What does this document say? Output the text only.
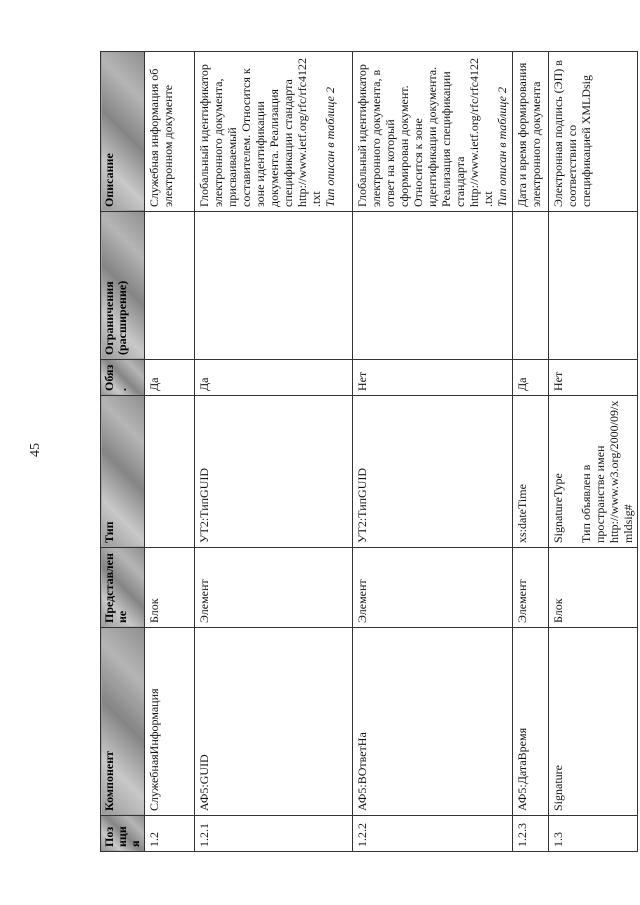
45
Позиция	Компонент	Представление	Тип	Обяз.	Ограничения (расширение)	Описание
1.2	СлужебнаяИнформация	Блок		Да		Служебная информация об электронном документе
1.2.1	АФ5:GUID	Элемент	УТ2:ТипGUID	Да		Глобальный идентификатор электронного документа, присваиваемый составителем. Относится к зоне идентификации документа. Реализация спецификации стандарта http://www.ietf.org/rfc/rfc4122.txt Тип описан в таблице 2

1.2.2	АФ5:ВОтветНа	Элемент	УТ2:ТипGUID	Нет		Глобальный идентификатор электронного документа, в ответ на который сформирован документ. Относится к зоне идентификации документа. Реализация спецификации стандарта http://www.ietf.org/rfc/rfc4122.txt Тип описан в таблице 2

1.2.3	АФ5:ДатаВремя	Элемент	xs:dateTime	Да		Дата и время формирования электронного документа
1.3	Signature	Блок	SignatureType Тип объявлен в пространстве имен http://www.w3.org/2000/09/xmldsig#	Нет		Электронная подпись (ЭП) в соответствии со спецификацией XMLDsig
